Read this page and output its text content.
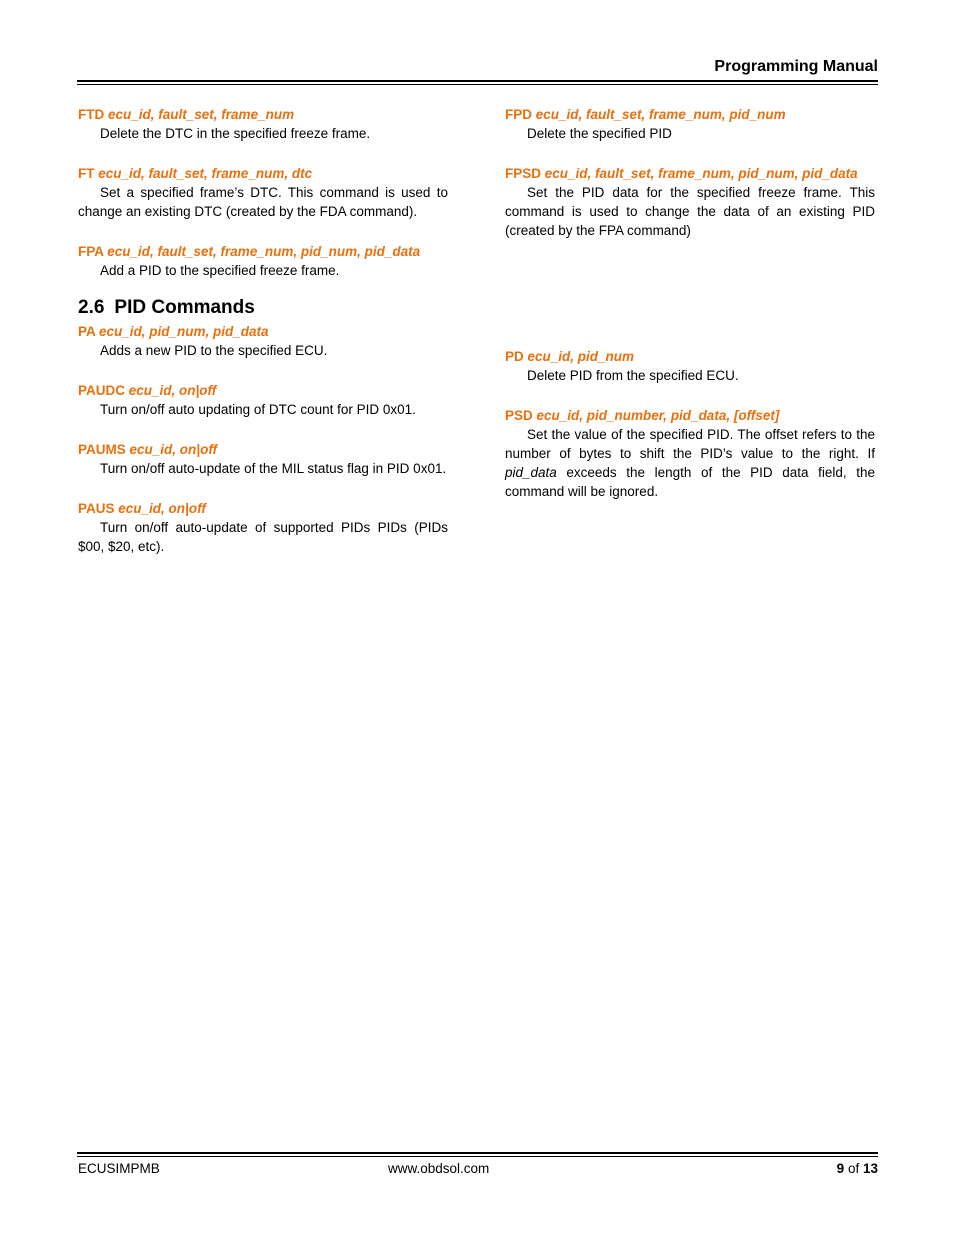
Programming Manual
FTD ecu_id, fault_set, frame_num
Delete the DTC in the specified freeze frame.
FT ecu_id, fault_set, frame_num, dtc
Set a specified frame’s DTC. This command is used to change an existing DTC (created by the FDA command).
FPA ecu_id, fault_set, frame_num, pid_num, pid_data
Add a PID to the specified freeze frame.
2.6 PID Commands
PA ecu_id, pid_num, pid_data
Adds a new PID to the specified ECU.
PAUDC ecu_id, on|off
Turn on/off auto updating of DTC count for PID 0x01.
PAUMS ecu_id, on|off
Turn on/off auto-update of the MIL status flag in PID 0x01.
PAUS ecu_id, on|off
Turn on/off auto-update of supported PIDs PIDs (PIDs $00, $20, etc).
FPD ecu_id, fault_set, frame_num, pid_num
Delete the specified PID
FPSD ecu_id, fault_set, frame_num, pid_num, pid_data
Set the PID data for the specified freeze frame. This command is used to change the data of an existing PID (created by the FPA command)
PD ecu_id, pid_num
Delete PID from the specified ECU.
PSD ecu_id, pid_number, pid_data, [offset]
Set the value of the specified PID. The offset refers to the number of bytes to shift the PID’s value to the right. If pid_data exceeds the length of the PID data field, the command will be ignored.
ECUSIMPMB	www.obdsol.com	9 of 13
